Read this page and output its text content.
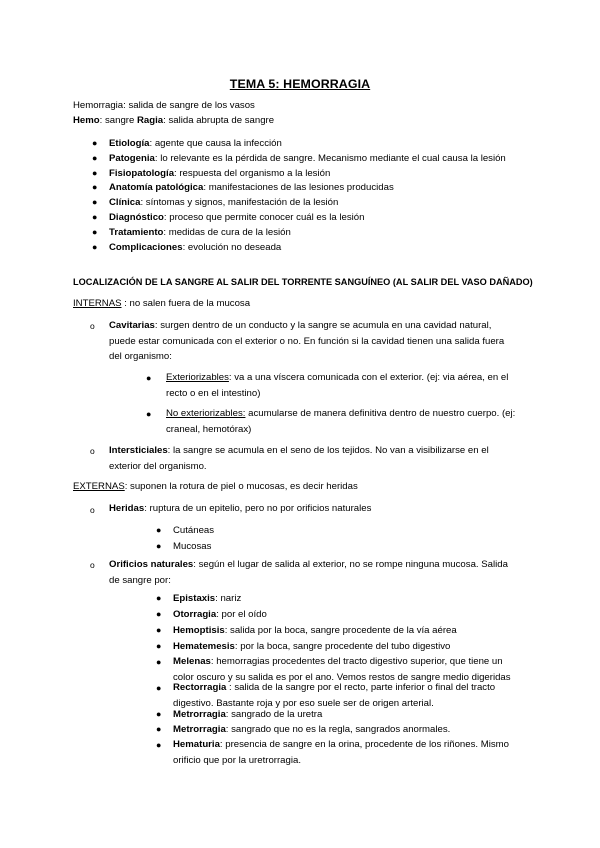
TEMA 5: HEMORRAGIA
Hemorragia: salida de sangre de los vasos
Hemo: sangre Ragia: salida abrupta de sangre
● Etiología: agente que causa la infección
● Patogenia: lo relevante es la pérdida de sangre. Mecanismo mediante el cual causa la lesión
● Fisiopatología: respuesta del organismo a la lesión
● Anatomía patológica: manifestaciones de las lesiones producidas
● Clínica: síntomas y signos, manifestación de la lesión
● Diagnóstico: proceso que permite conocer cuál es la lesión
● Tratamiento: medidas de cura de la lesión
● Complicaciones: evolución no deseada
LOCALIZACIÓN DE LA SANGRE AL SALIR DEL TORRENTE SANGUÍNEO (AL SALIR DEL VASO DAÑADO)
INTERNAS : no salen fuera de la mucosa
o Cavitarias: surgen dentro de un conducto y la sangre se acumula en una cavidad natural, puede estar comunicada con el exterior o no. En función si la cavidad tienen una salida fuera del organismo:
● Exteriorizables: va a una víscera comunicada con el exterior. (ej: via aérea, en el recto o en el intestino)
● No exteriorizables: acumularse de manera definitiva dentro de nuestro cuerpo. (ej: craneal, hemotórax)
o Intersticiales: la sangre se acumula en el seno de los tejidos. No van a visibilizarse en el exterior del organismo.
EXTERNAS: suponen la rotura de piel o mucosas, es decir heridas
o Heridas: ruptura de un epitelio, pero no por orificios naturales
● Cutáneas
● Mucosas
o Orificios naturales: según el lugar de salida al exterior, no se rompe ninguna mucosa. Salida de sangre por:
● Epistaxis: nariz
● Otorragia: por el oído
● Hemoptisis: salida por la boca, sangre procedente de la vía aérea
● Hematemesis: por la boca, sangre procedente del tubo digestivo
● Melenas: hemorragias procedentes del tracto digestivo superior, que tiene un color oscuro y su salida es por el ano. Vemos restos de sangre medio digeridas
● Rectorragia : salida de la sangre por el recto, parte inferior o final del tracto digestivo. Bastante roja y por eso suele ser de origen arterial.
● Metrorragia: sangrado de la uretra
● Metrorragia: sangrado que no es la regla, sangrados anormales.
● Hematuria: presencia de sangre en la orina, procedente de los riñones. Mismo orificio que por la uretrorragia.
